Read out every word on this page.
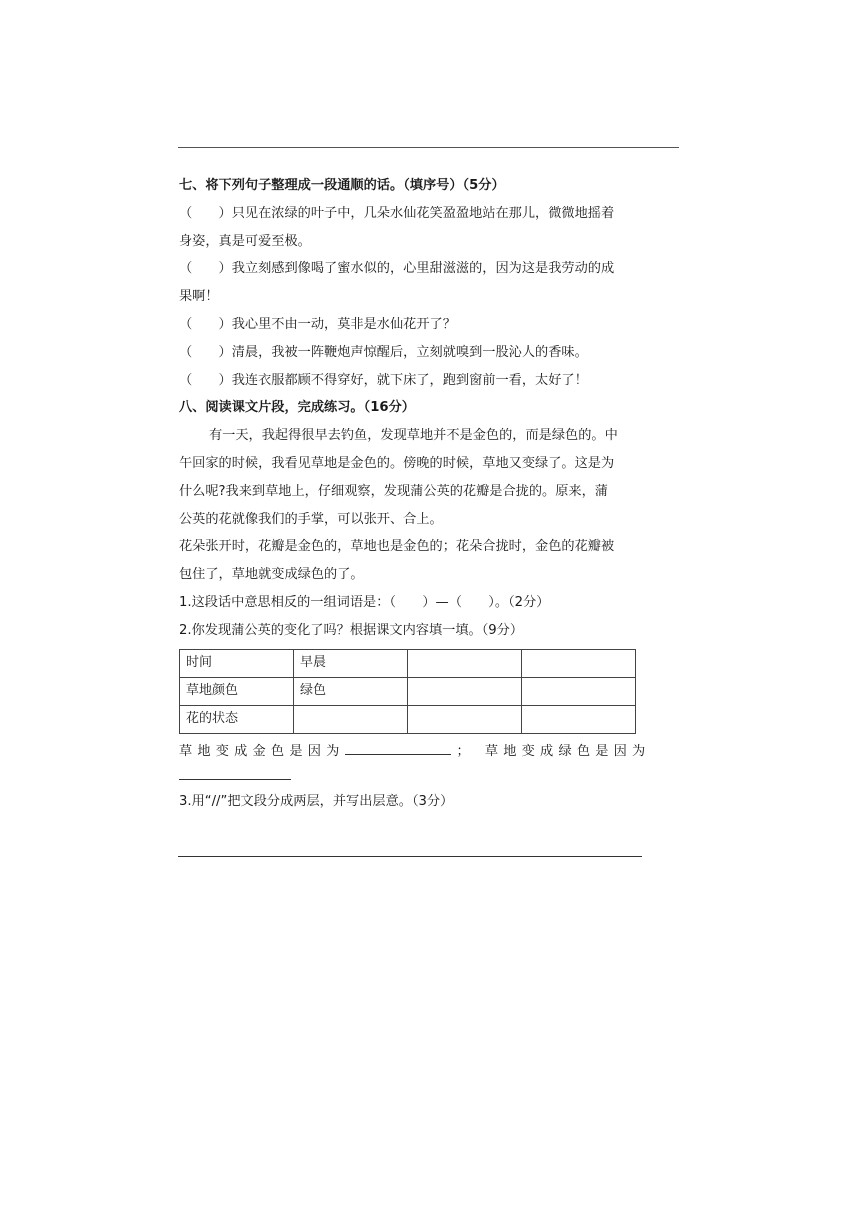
七、将下列句子整理成一段通顺的话。（填序号）（5分）
（　　）只见在浓绿的叶子中，几朵水仙花笑盈盈地站在那儿，微微地摇着
身姿，真是可爱至极。
（　　）我立刻感到像喝了蜜水似的，心里甜滋滋的，因为这是我劳动的成
果啊！
（　　）我心里不由一动，莫非是水仙花开了？
（　　）清晨，我被一阵鞭炮声惊醒后，立刻就嗅到一股沁人的香味。
（　　）我连衣服都顾不得穿好，就下床了，跑到窗前一看，太好了！
八、阅读课文片段，完成练习。（16分）
有一天，我起得很早去钓鱼，发现草地并不是金色的，而是绿色的。中
午回家的时候，我看见草地是金色的。傍晚的时候，草地又变绿了。这是为
什么呢?我来到草地上，仔细观察，发现蒲公英的花瓣是合拢的。原来，蒲
公英的花就像我们的手掌，可以张开、合上。
花朵张开时，花瓣是金色的，草地也是金色的；花朵合拢时，金色的花瓣被
包住了，草地就变成绿色的了。
1.这段话中意思相反的一组词语是：（　　）—（　　）。（2分）
2.你发现蒲公英的变化了吗？根据课文内容填一填。（9分）
时间	早晨		
草地颜色	绿色		
花的状态			
草地变成金色是因为	； 草地变成绿色是因为
3.用“//”把文段分成两层，并写出层意。（3分）
